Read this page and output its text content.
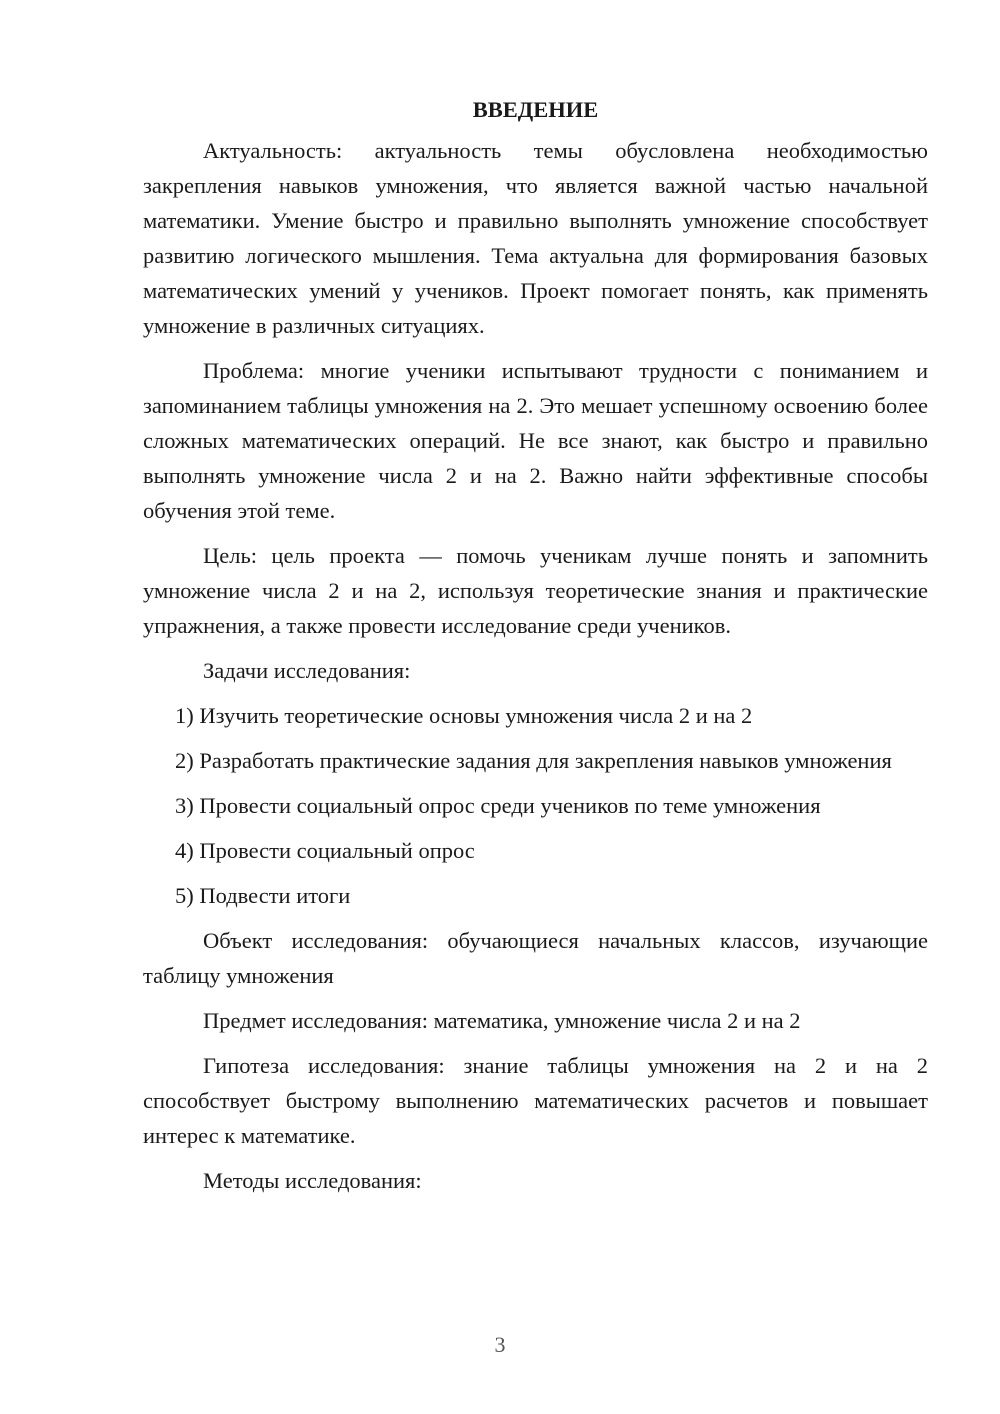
ВВЕДЕНИЕ

Актуальность: актуальность темы обусловлена необходимостью закрепления навыков умножения, что является важной частью начальной математики. Умение быстро и правильно выполнять умножение способствует развитию логического мышления. Тема актуальна для формирования базовых математических умений у учеников. Проект помогает понять, как применять умножение в различных ситуациях.

Проблема: многие ученики испытывают трудности с пониманием и запоминанием таблицы умножения на 2. Это мешает успешному освоению более сложных математических операций. Не все знают, как быстро и правильно выполнять умножение числа 2 и на 2. Важно найти эффективные способы обучения этой теме.

Цель: цель проекта — помочь ученикам лучше понять и запомнить умножение числа 2 и на 2, используя теоретические знания и практические упражнения, а также провести исследование среди учеников.

Задачи исследования:

1) Изучить теоретические основы умножения числа 2 и на 2

2) Разработать практические задания для закрепления навыков умножения

3) Провести социальный опрос среди учеников по теме умножения

4) Провести социальный опрос

5) Подвести итоги

Объект исследования: обучающиеся начальных классов, изучающие таблицу умножения

Предмет исследования: математика, умножение числа 2 и на 2

Гипотеза исследования: знание таблицы умножения на 2 и на 2 способствует быстрому выполнению математических расчетов и повышает интерес к математике.

Методы исследования:

3
